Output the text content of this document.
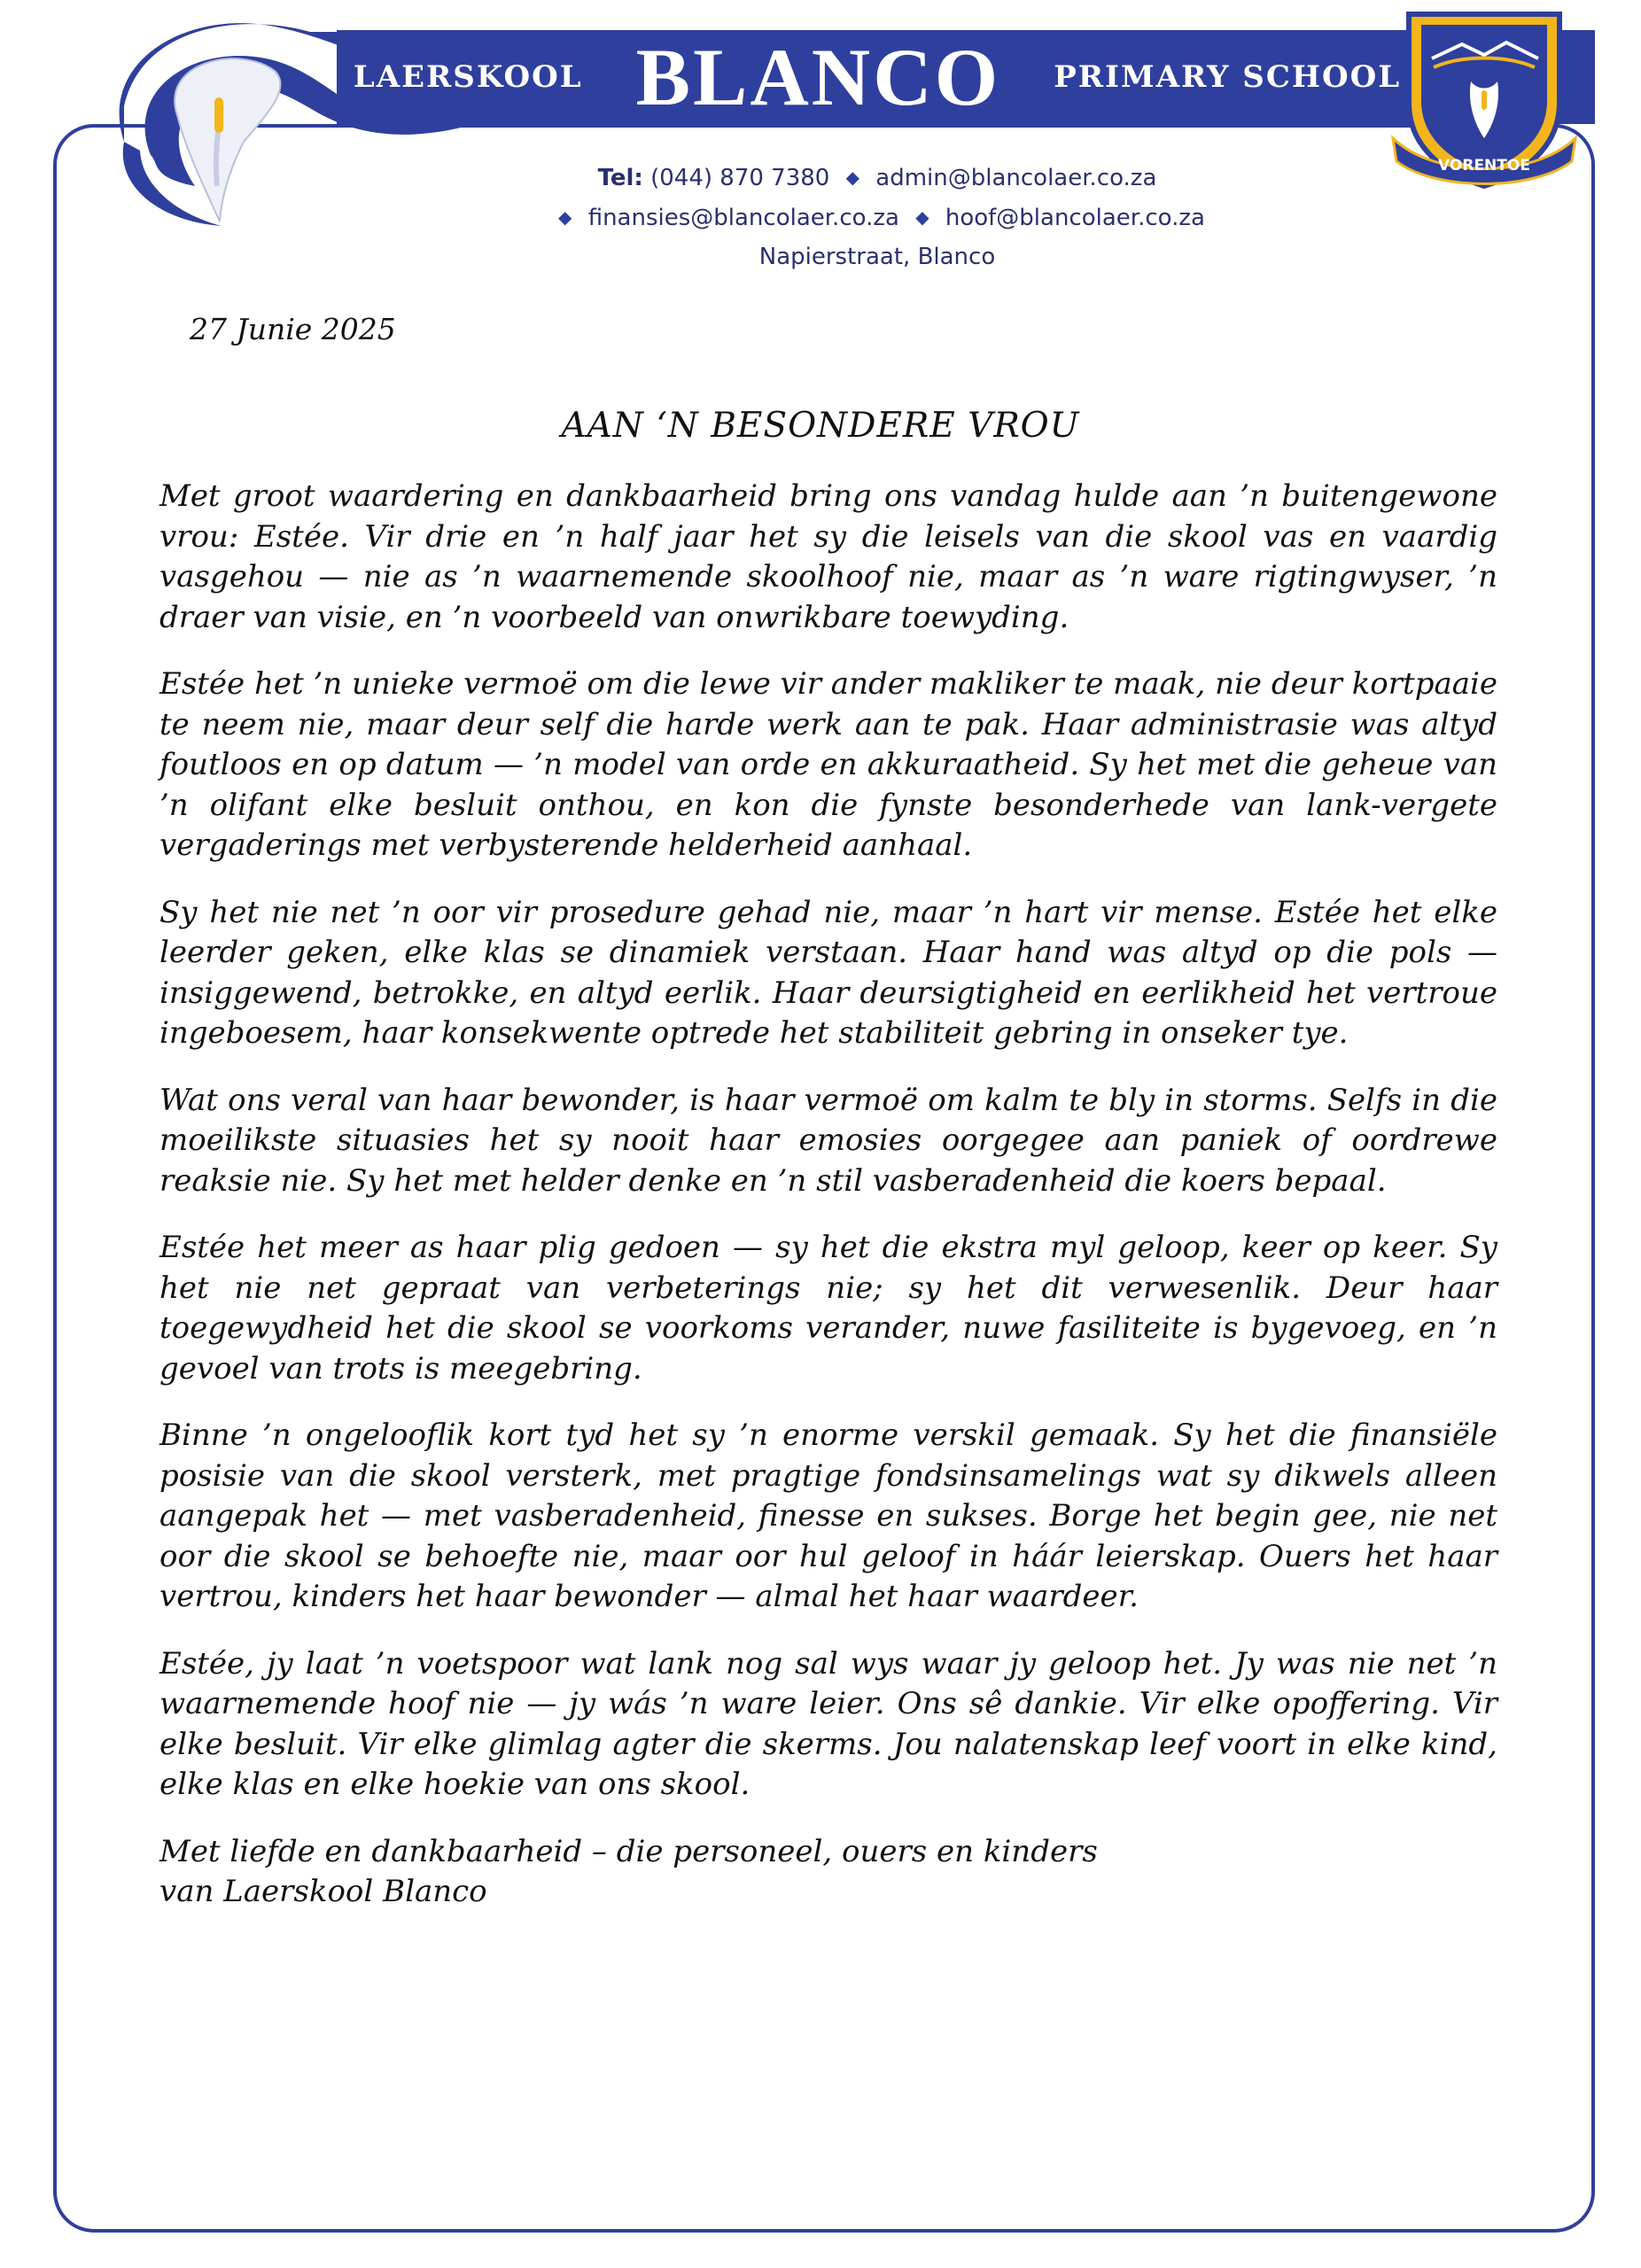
LAERSKOOL BLANCO PRIMARY SCHOOL
VORENTOE
Tel: (044) 870 7380 ◆ admin@blancolaer.co.za
◆ finansies@blancolaer.co.za ◆ hoof@blancolaer.co.za
Napierstraat, Blanco
27 Junie 2025
AAN ‘N BESONDERE VROU

Met groot waardering en dankbaarheid bring ons vandag hulde aan ’n buitengewone vrou: Estée. Vir drie en ’n half jaar het sy die leisels van die skool vas en vaardig vasgehou — nie as ’n waarnemende skoolhoof nie, maar as ’n ware rigtingwyser, ’n draer van visie, en ’n voorbeeld van onwrikbare toewyding.

Estée het ’n unieke vermoë om die lewe vir ander makliker te maak, nie deur kortpaaie te neem nie, maar deur self die harde werk aan te pak. Haar administrasie was altyd foutloos en op datum — ’n model van orde en akkuraatheid. Sy het met die geheue van ’n olifant elke besluit onthou, en kon die fynste besonderhede van lank-vergete vergaderings met verbysterende helderheid aanhaal.

Sy het nie net ’n oor vir prosedure gehad nie, maar ’n hart vir mense. Estée het elke leerder geken, elke klas se dinamiek verstaan. Haar hand was altyd op die pols — insiggewend, betrokke, en altyd eerlik. Haar deursigtigheid en eerlikheid het vertroue ingeboesem, haar konsekwente optrede het stabiliteit gebring in onseker tye.

Wat ons veral van haar bewonder, is haar vermoë om kalm te bly in storms. Selfs in die moeilikste situasies het sy nooit haar emosies oorgegee aan paniek of oordrewe reaksie nie. Sy het met helder denke en ’n stil vasberadenheid die koers bepaal.

Estée het meer as haar plig gedoen — sy het die ekstra myl geloop, keer op keer. Sy het nie net gepraat van verbeterings nie; sy het dit verwesenlik. Deur haar toegewydheid het die skool se voorkoms verander, nuwe fasiliteite is bygevoeg, en ’n gevoel van trots is meegebring.

Binne ’n ongelooflik kort tyd het sy ’n enorme verskil gemaak. Sy het die finansiële posisie van die skool versterk, met pragtige fondsinsamelings wat sy dikwels alleen aangepak het — met vasberadenheid, finesse en sukses. Borge het begin gee, nie net oor die skool se behoefte nie, maar oor hul geloof in háár leierskap. Ouers het haar vertrou, kinders het haar bewonder — almal het haar waardeer.

Estée, jy laat ’n voetspoor wat lank nog sal wys waar jy geloop het. Jy was nie net ’n waarnemende hoof nie — jy wás ’n ware leier. Ons sê dankie. Vir elke opoffering. Vir elke besluit. Vir elke glimlag agter die skerms. Jou nalatenskap leef voort in elke kind, elke klas en elke hoekie van ons skool.

Met liefde en dankbaarheid – die personeel, ouers en kinders
van Laerskool Blanco
